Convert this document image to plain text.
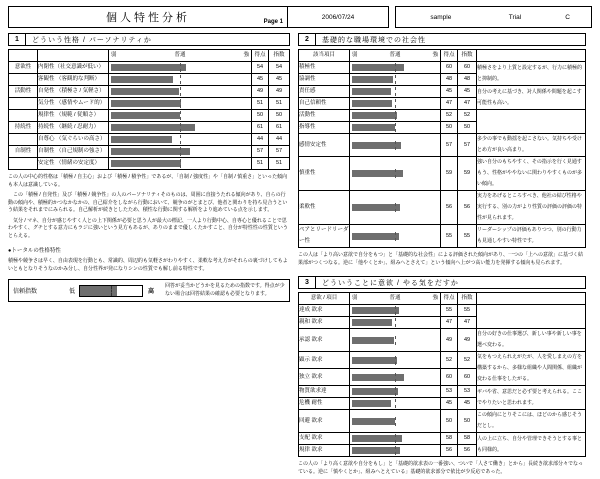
個人特性分析	Page 1
2006/07/24	sample	Trial	C
1	どういう性格 / パーソナリティか

		弱 普通 強	得点	指数
意欲性	内閉性（社交意識が低い）		54	54
	客観性 （客観的な判断）		45	45
活動性	自発性 （積極さ / 気軽さ）		49	49
	気分性 （感情やムード的）		51	51
	規律性 （規範 / 従順さ）		50	50
持続性	持続性 （継続 / 忍耐力）		61	61
	自尊心 （気ぐらいの高さ）		44	44
自制性	自制性 （自己規制の強さ）		57	57
	安定性 （情緒の安定度）		51	51

この人の中心的性格は「積極 / 自主心」および「積極 / 積争性」であるが、「自制 / 強度性」や「自制 / 慎重さ」といった傾向も本人は意識している。

この「積極 / 自発性」及び「積極 / 競争性」の人のパーソナリティそのものは、周囲に直接うたれる傾向があり、自らの行動の傾向や、積極的かつなかなかの、自己紹介をしながら行動において、競争のがとまとび、他者と関わりを持ち見合うという結果をそれまでにみられる。自己解析が続きとしたため、積性な行動に関する解析をより進めている点を示します。

気分 / マネ、自分が感じやすく人との上下関係が必要と思う人が最大の標記、一人より行動中心、自専心と優れることで思わやすく、グチとする意力にもラジに強いという見方もあるが、ありのままで優しくたかすこと、自分が特性性の性質というとらえる。

●トータルの性格特性

積極や競争さは早く、自由表現を行動とも、常識的、周辺的も気軽さがわりやすく、柔軟な考え方がそれらの裏づけしてもよいともとなりそうなのかみ分し、自分性界が発になりシンの性質でも解し前る特性です。

信頼指数	低	高
回答が妥当かどうかを見るための指数です。得点が少ない場合は回答結果の確認も必要となります。
2	基礎的な職場環境での社会性
該当項目	弱 普通 強	得点	指数	
積極性		60	60	積極さをより上質と設定するが、行力に積極的と抑制的。
協調性		48	48	
責任感		45	45	自分の考えに基づき、対人関係や問題を起こす可能性も高い。
自己信頼性		47	47	
活動性		52	52	
指導性		50	50	
感情安定性		57	57	多少の事でも動揺を起こさない。気持ちや受けとめ方が良い高まり。
慎重性		59	59	強い自分のもちやすく、その指示を行く見通すもう、性格がややないに関わりやすくものが多い傾向。
柔軟性		56	56	実力をあげるところすべき、他社の結び性格や実行する、別の力がより性質の評価の評価の特性が見られます。
ペアとリードリーダー性		55	55	リーダーシップの評価もありつつ、別の行動力も見通しやすい特性です。

この人は「より高い意欲で自分をもつ」と「基礎的な社会性」による評価された傾向があり、一つの「上への意欲」に基づく結果部がつくつなる。逆に「他やくとか」、組みへとさえて」という傾向へ上がつ高い能力を発揮する傾向も見られます。

3	どういうことに意欲 / やる気をだすか
意欲 / 項目	弱 普通 強	得点	指数	
達成 欲求		55	55	
親和 欲求		47	47	
承認 欲求		49	49	自分の好きの仕事選び、新しい事や新しい事を選べ変わる。
顕示 欲求		52	52	気をもつえられえがたが、人を愛しまえの方を構築するから、多様な組織や人間関係、組織が変わる仕事をしたがる。
独立 欲求		60	60	
物質欲求達		53	53	ギバや省、意思だと必ず要と考えられる。ここでやりたいと思われます。
危機 耐性		45	45	
回避 欲求		50	50	この傾向にとりそこには、ほどのから感じそうだとし。
支配 欲求		58	58	人の上に立ち、自分や管理できそうとする事とも同様的。
規律 欲求		56	56	

この人の「より高く意欲や自分をもし」と「基礎的欲求表の一番強い、ついで「人さて働き」とから」長続き欲求部分々でなっている。逆に「慎やくとか」、組みへとえている」基礎的欲求部分で依比が少反応であった。
